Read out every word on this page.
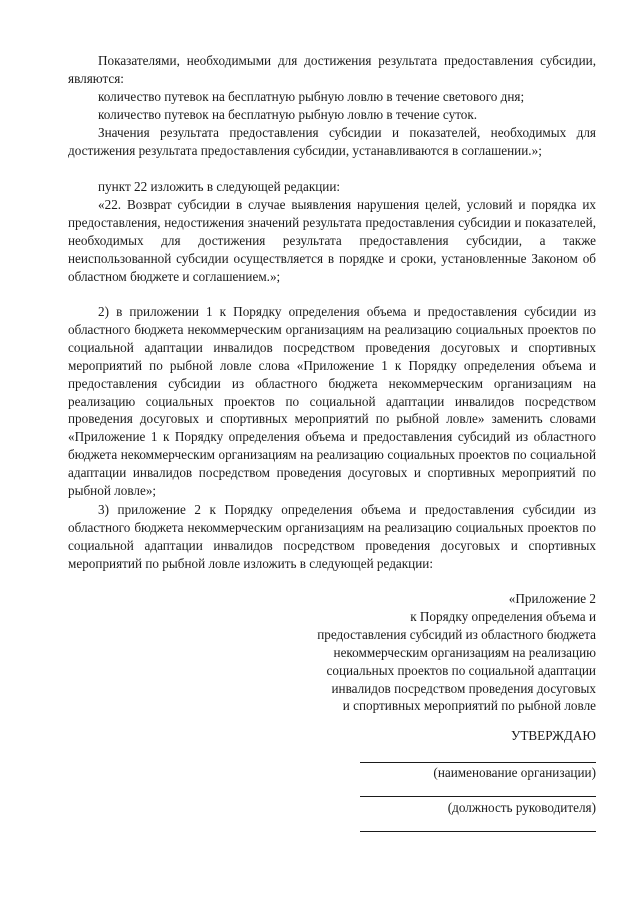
Показателями, необходимыми для достижения результата предоставления субсидии, являются:

количество путевок на бесплатную рыбную ловлю в течение светового дня;

количество путевок на бесплатную рыбную ловлю в течение суток.

Значения результата предоставления субсидии и показателей, необходимых для достижения результата предоставления субсидии, устанавливаются в соглашении.»;

пункт 22 изложить в следующей редакции:

«22. Возврат субсидии в случае выявления нарушения целей, условий и порядка их предоставления, недостижения значений результата предоставления субсидии и показателей, необходимых для достижения результата предоставления субсидии, а также неиспользованной субсидии осуществляется в порядке и сроки, установленные Законом об областном бюджете и соглашением.»;

2) в приложении 1 к Порядку определения объема и предоставления субсидии из областного бюджета некоммерческим организациям на реализацию социальных проектов по социальной адаптации инвалидов посредством проведения досуговых и спортивных мероприятий по рыбной ловле слова «Приложение 1 к Порядку определения объема и предоставления субсидии из областного бюджета некоммерческим организациям на реализацию социальных проектов по социальной адаптации инвалидов посредством проведения досуговых и спортивных мероприятий по рыбной ловле» заменить словами «Приложение 1 к Порядку определения объема и предоставления субсидий из областного бюджета некоммерческим организациям на реализацию социальных проектов по социальной адаптации инвалидов посредством проведения досуговых и спортивных мероприятий по рыбной ловле»;

3) приложение 2 к Порядку определения объема и предоставления субсидии из областного бюджета некоммерческим организациям на реализацию социальных проектов по социальной адаптации инвалидов посредством проведения досуговых и спортивных мероприятий по рыбной ловле изложить в следующей редакции:

«Приложение 2
к Порядку определения объема и
предоставления субсидий из областного бюджета
некоммерческим организациям на реализацию
социальных проектов по социальной адаптации
инвалидов посредством проведения досуговых
и спортивных мероприятий по рыбной ловле

УТВЕРЖДАЮ

(наименование организации)

(должность руководителя)
